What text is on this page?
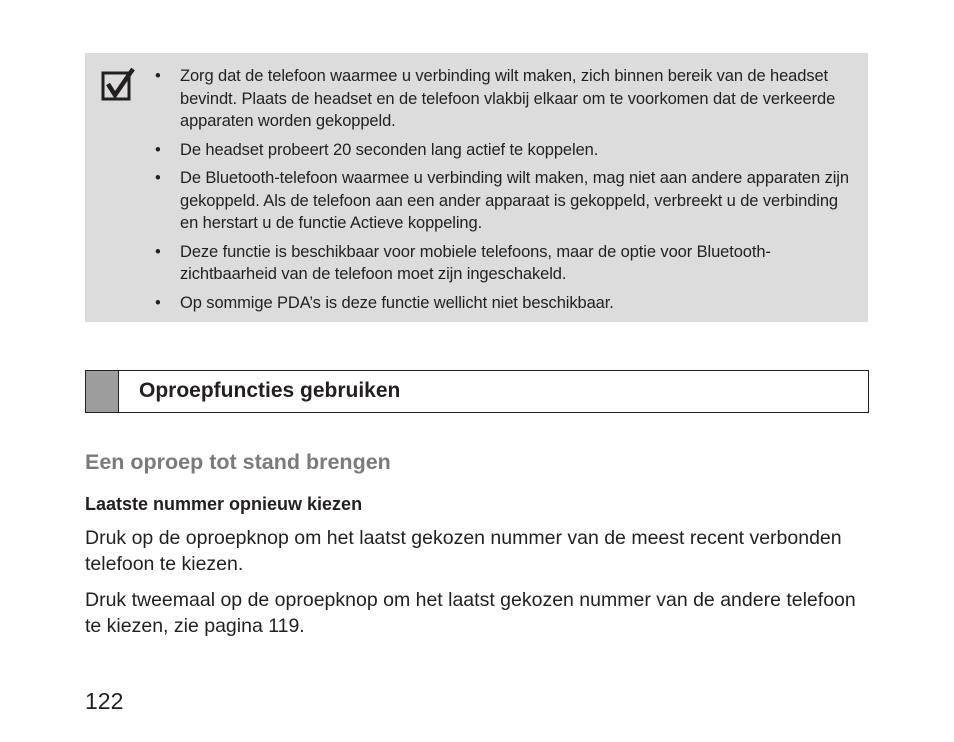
• Zorg dat de telefoon waarmee u verbinding wilt maken, zich binnen bereik van de headset bevindt. Plaats de headset en de telefoon vlakbij elkaar om te voorkomen dat de verkeerde apparaten worden gekoppeld.
• De headset probeert 20 seconden lang actief te koppelen.
• De Bluetooth-telefoon waarmee u verbinding wilt maken, mag niet aan andere apparaten zijn gekoppeld. Als de telefoon aan een ander apparaat is gekoppeld, verbreekt u de verbinding en herstart u de functie Actieve koppeling.
• Deze functie is beschikbaar voor mobiele telefoons, maar de optie voor Bluetooth-zichtbaarheid van de telefoon moet zijn ingeschakeld.
• Op sommige PDA’s is deze functie wellicht niet beschikbaar.
Oproepfuncties gebruiken
Een oproep tot stand brengen
Laatste nummer opnieuw kiezen

Druk op de oproepknop om het laatst gekozen nummer van de meest recent verbonden telefoon te kiezen.

Druk tweemaal op de oproepknop om het laatst gekozen nummer van de andere telefoon te kiezen, zie pagina 119.

122
